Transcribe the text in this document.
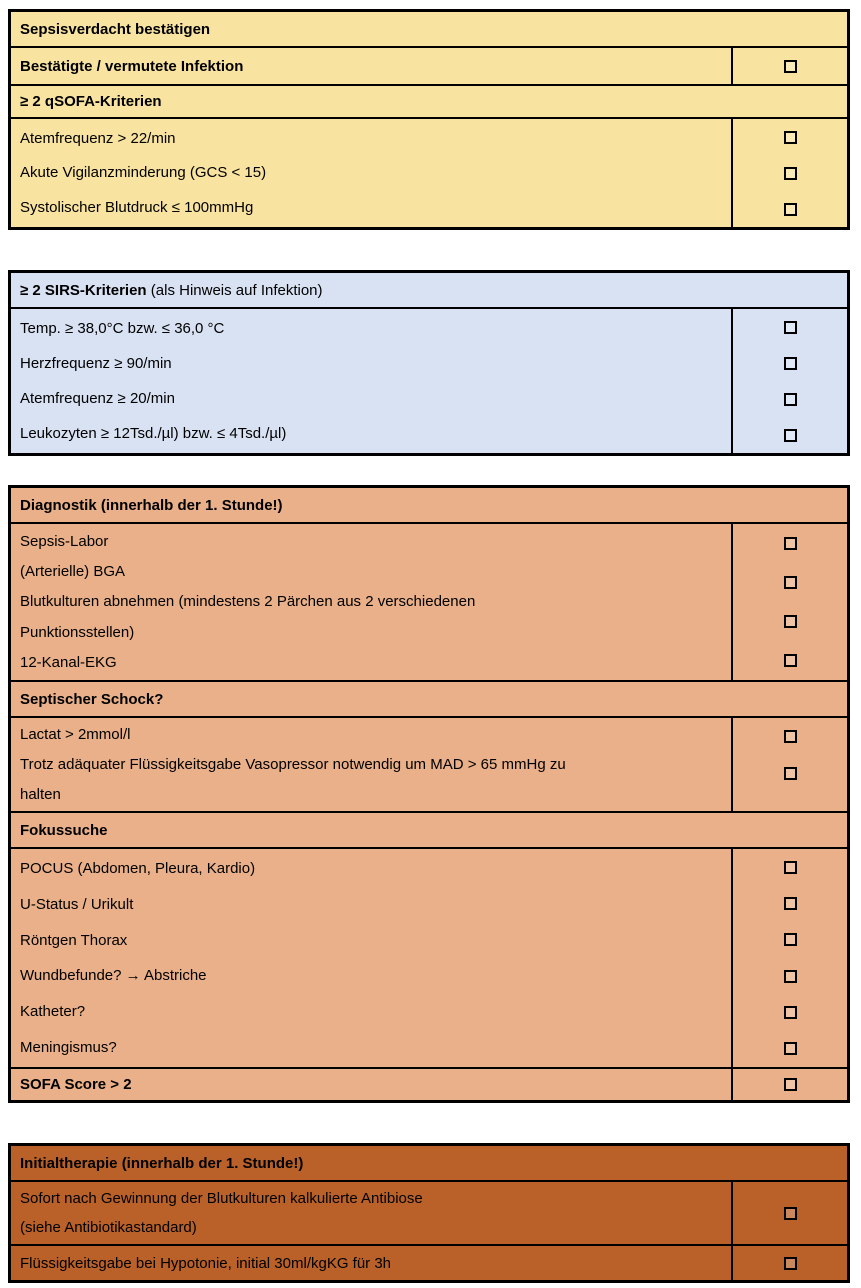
Sepsisverdacht bestätigen
Bestätigte / vermutete Infektion
≥ 2 qSOFA-Kriterien
Atemfrequenz > 22/min
Akute Vigilanzminderung (GCS < 15)
Systolischer Blutdruck ≤ 100mmHg
≥ 2 SIRS-Kriterien (als Hinweis auf Infektion)
Temp. ≥ 38,0°C bzw. ≤ 36,0 °C
Herzfrequenz ≥ 90/min
Atemfrequenz ≥ 20/min
Leukozyten ≥ 12Tsd./µl) bzw. ≤ 4Tsd./µl)
Diagnostik (innerhalb der 1. Stunde!)
Sepsis-Labor
(Arterielle) BGA
Blutkulturen abnehmen (mindestens 2 Pärchen aus 2 verschiedenen
Punktionsstellen)
12-Kanal-EKG
Septischer Schock?
Lactat > 2mmol/l
Trotz adäquater Flüssigkeitsgabe Vasopressor notwendig um MAD > 65 mmHg zu
halten
Fokussuche
POCUS (Abdomen, Pleura, Kardio)
U-Status / Urikult
Röntgen Thorax
Wundbefunde? → Abstriche
Katheter?
Meningismus?
SOFA Score > 2
Initialtherapie (innerhalb der 1. Stunde!)
Sofort nach Gewinnung der Blutkulturen kalkulierte Antibiose
(siehe Antibiotikastandard)
Flüssigkeitsgabe bei Hypotonie, initial 30ml/kgKG für 3h
